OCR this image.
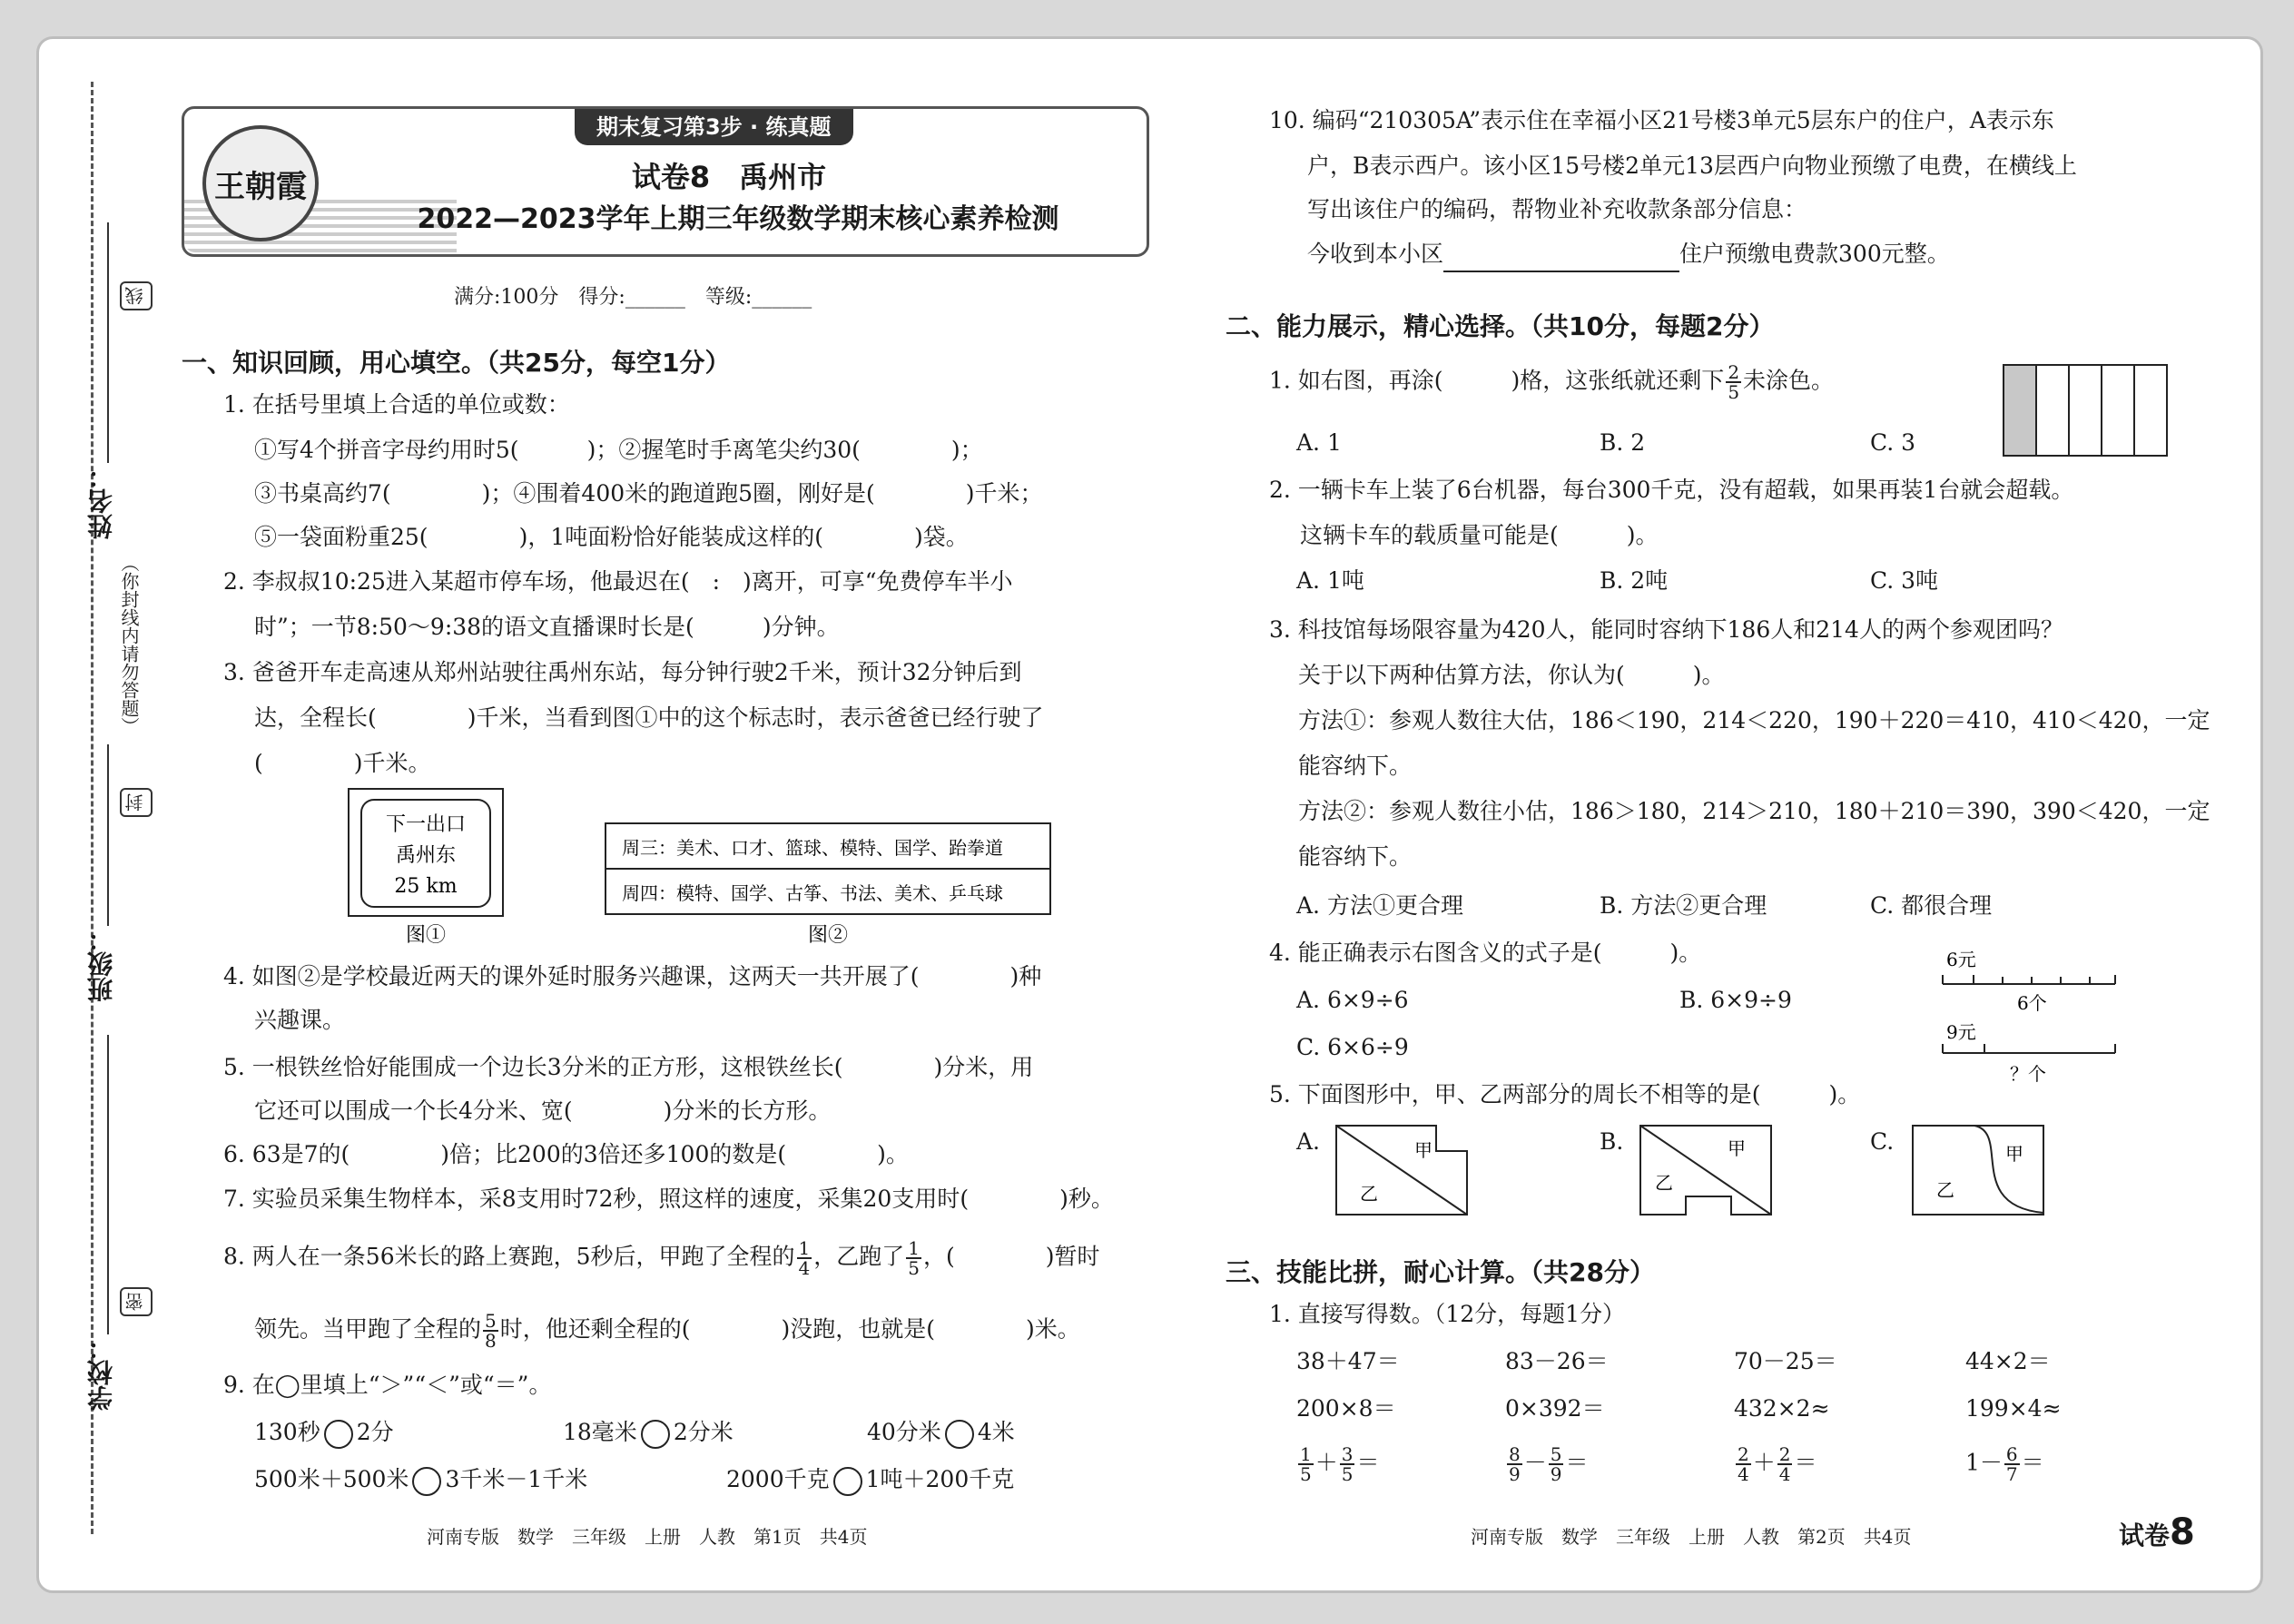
姓名：
班级：
学校：
线
封
密
（你封线内请勿答题）
王朝霞
期末复习第3步 · 练真题
试卷8　禹州市
2022—2023学年上期三年级数学期末核心素养检测
满分:100分　得分:______　等级:______
一、知识回顾，用心填空。（共25分，每空1分）
1. 在括号里填上合适的单位或数：
①写4个拼音字母约用时5(　　　)；②握笔时手离笔尖约30(　　　　)；
③书桌高约7(　　　　)；④围着400米的跑道跑5圈，刚好是(　　　　)千米；
⑤一袋面粉重25(　　　　)，1吨面粉恰好能装成这样的(　　　　)袋。
2. 李叔叔10:25进入某超市停车场，他最迟在(　:　)离开，可享“免费停车半小
时”；一节8:50～9:38的语文直播课时长是(　　　)分钟。
3. 爸爸开车走高速从郑州站驶往禹州东站，每分钟行驶2千米，预计32分钟后到
达，全程长(　　　　)千米，当看到图①中的这个标志时，表示爸爸已经行驶了
(　　　　)千米。
下一出口
禹州东
25 km
图①
周三：美术、口才、篮球、模特、国学、跆拳道
周四：模特、国学、古筝、书法、美术、乒乓球
图②
4. 如图②是学校最近两天的课外延时服务兴趣课，这两天一共开展了(　　　　)种
兴趣课。
5. 一根铁丝恰好能围成一个边长3分米的正方形，这根铁丝长(　　　　)分米，用
它还可以围成一个长4分米、宽(　　　　)分米的长方形。
6. 63是7的(　　　　)倍；比200的3倍还多100的数是(　　　　)。
7. 实验员采集生物样本，采8支用时72秒，照这样的速度，采集20支用时(　　　　)秒。
8. 两人在一条56米长的路上赛跑，5秒后，甲跑了全程的 $\frac{1}{4}$ ，乙跑了 $\frac{1}{5}$ ，(　　　　)暂时
领先。当甲跑了全程的 $\frac{5}{8}$ 时，他还剩全程的(　　　　)没跑，也就是(　　　　)米。
9. 在◯里填上“＞”“＜”或“＝”。
130秒 2分	18毫米 2分米	40分米 4米
500米＋500米 3千米－1千米	2000千克 1吨＋200千克
10. 编码“210305A”表示住在幸福小区21号楼3单元5层东户的住户，A表示东
户，B表示西户。该小区15号楼2单元13层西户向物业预缴了电费，在横线上
写出该住户的编码，帮物业补充收款条部分信息：
今收到本小区	住户预缴电费款300元整。
二、能力展示，精心选择。（共10分，每题2分）
1. 如右图，再涂(　　　)格，这张纸就还剩下 $\frac{2}{5}$ 未涂色。
A. 1	B. 2	C. 3
2. 一辆卡车上装了6台机器，每台300千克，没有超载，如果再装1台就会超载。
这辆卡车的载质量可能是(　　　)。
A. 1吨	B. 2吨	C. 3吨
3. 科技馆每场限容量为420人，能同时容纳下186人和214人的两个参观团吗？
关于以下两种估算方法，你认为(　　　)。
方法①：参观人数往大估，186＜190，214＜220，190＋220＝410，410＜420，一定
能容纳下。
方法②：参观人数往小估，186＞180，214＞210，180＋210＝390，390＜420，一定
能容纳下。
A. 方法①更合理	B. 方法②更合理	C. 都很合理
4. 能正确表示右图含义的式子是(　　　)。
A. 6×9÷6	B. 6×9÷9
C. 6×6÷9
6元
6个
9元
？个
5. 下面图形中，甲、乙两部分的周长不相等的是(　　　)。
A.	B.	C.
甲
乙
甲
乙
甲
乙
三、技能比拼，耐心计算。（共28分）
1. 直接写得数。（12分，每题1分）
38＋47＝	83－26＝	70－25＝	44×2＝
200×8＝	0×392＝	432×2≈	199×4≈
$\frac{1}{5} + \frac{3}{5}$ ＝	$\frac{8}{9} - \frac{5}{9}$ ＝	$\frac{2}{4} + \frac{2}{4}$ ＝	$1- \frac{6}{7}$ ＝
河南专版　数学　三年级　上册　人教　第1页　共4页	河南专版　数学　三年级　上册　人教　第2页　共4页	试卷8
